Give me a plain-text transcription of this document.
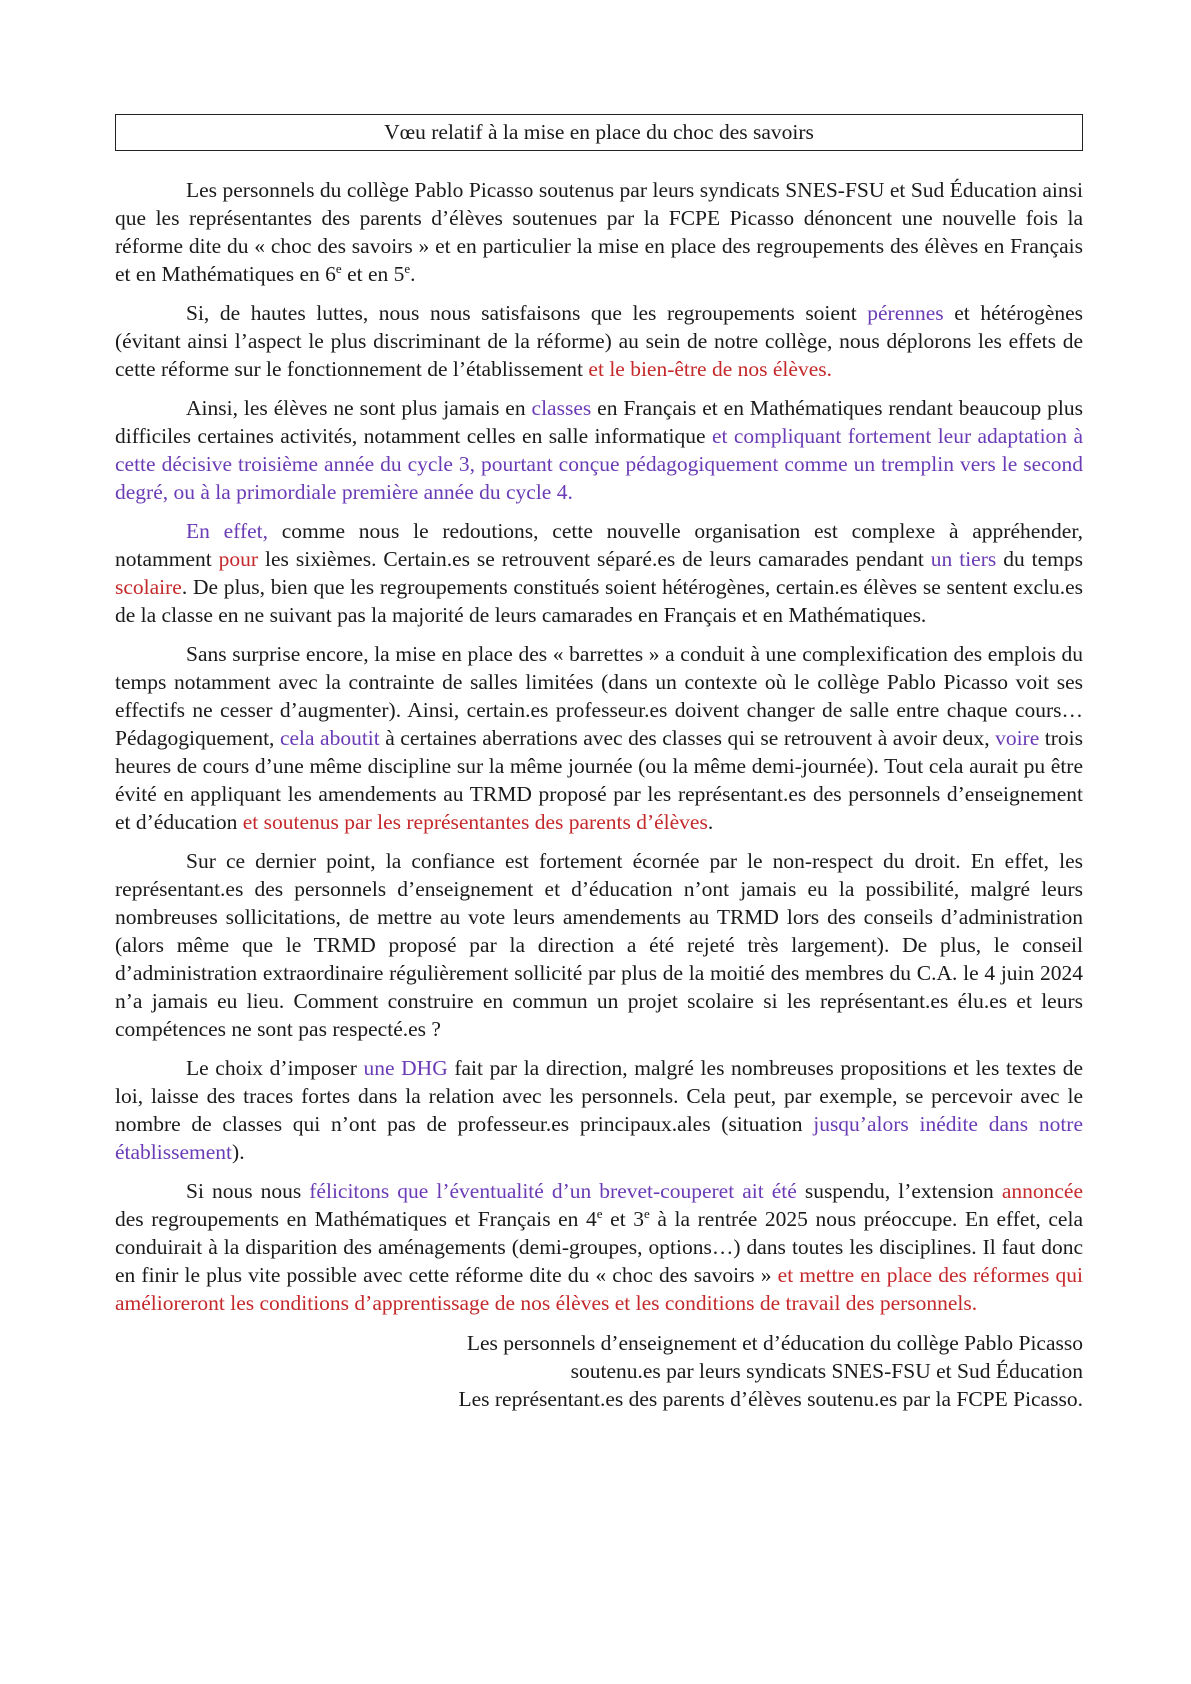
Vœu relatif à la mise en place du choc des savoirs

Les personnels du collège Pablo Picasso soutenus par leurs syndicats SNES-FSU et Sud Éducation ainsi que les représentantes des parents d’élèves soutenues par la FCPE Picasso dénoncent une nouvelle fois la réforme dite du « choc des savoirs » et en particulier la mise en place des regroupements des élèves en Français et en Mathématiques en 6e et en 5e.

Si, de hautes luttes, nous nous satisfaisons que les regroupements soient pérennes et hétérogènes (évitant ainsi l’aspect le plus discriminant de la réforme) au sein de notre collège, nous déplorons les effets de cette réforme sur le fonctionnement de l’établissement et le bien-être de nos élèves.

Ainsi, les élèves ne sont plus jamais en classes en Français et en Mathématiques rendant beaucoup plus difficiles certaines activités, notamment celles en salle informatique et compliquant fortement leur adaptation à cette décisive troisième année du cycle 3, pourtant conçue pédagogiquement comme un tremplin vers le second degré, ou à la primordiale première année du cycle 4.

En effet, comme nous le redoutions, cette nouvelle organisation est complexe à appréhender, notamment pour les sixièmes. Certain.es se retrouvent séparé.es de leurs camarades pendant un tiers du temps scolaire. De plus, bien que les regroupements constitués soient hétérogènes, certain.es élèves se sentent exclu.es de la classe en ne suivant pas la majorité de leurs camarades en Français et en Mathématiques.

Sans surprise encore, la mise en place des « barrettes » a conduit à une complexification des emplois du temps notamment avec la contrainte de salles limitées (dans un contexte où le collège Pablo Picasso voit ses effectifs ne cesser d’augmenter). Ainsi, certain.es professeur.es doivent changer de salle entre chaque cours… Pédagogiquement, cela aboutit à certaines aberrations avec des classes qui se retrouvent à avoir deux, voire trois heures de cours d’une même discipline sur la même journée (ou la même demi-journée). Tout cela aurait pu être évité en appliquant les amendements au TRMD proposé par les représentant.es des personnels d’enseignement et d’éducation et soutenus par les représentantes des parents d’élèves.

Sur ce dernier point, la confiance est fortement écornée par le non-respect du droit. En effet, les représentant.es des personnels d’enseignement et d’éducation n’ont jamais eu la possibilité, malgré leurs nombreuses sollicitations, de mettre au vote leurs amendements au TRMD lors des conseils d’administration (alors même que le TRMD proposé par la direction a été rejeté très largement). De plus, le conseil d’administration extraordinaire régulièrement sollicité par plus de la moitié des membres du C.A. le 4 juin 2024 n’a jamais eu lieu. Comment construire en commun un projet scolaire si les représentant.es élu.es et leurs compétences ne sont pas respecté.es ?

Le choix d’imposer une DHG fait par la direction, malgré les nombreuses propositions et les textes de loi, laisse des traces fortes dans la relation avec les personnels. Cela peut, par exemple, se percevoir avec le nombre de classes qui n’ont pas de professeur.es principaux.ales (situation jusqu’alors inédite dans notre établissement).

Si nous nous félicitons que l’éventualité d’un brevet-couperet ait été suspendu, l’extension annoncée des regroupements en Mathématiques et Français en 4e et 3e à la rentrée 2025 nous préoccupe. En effet, cela conduirait à la disparition des aménagements (demi-groupes, options…) dans toutes les disciplines. Il faut donc en finir le plus vite possible avec cette réforme dite du « choc des savoirs » et mettre en place des réformes qui amélioreront les conditions d’apprentissage de nos élèves et les conditions de travail des personnels.

Les personnels d’enseignement et d’éducation du collège Pablo Picasso
soutenu.es par leurs syndicats SNES-FSU et Sud Éducation
Les représentant.es des parents d’élèves soutenu.es par la FCPE Picasso.
